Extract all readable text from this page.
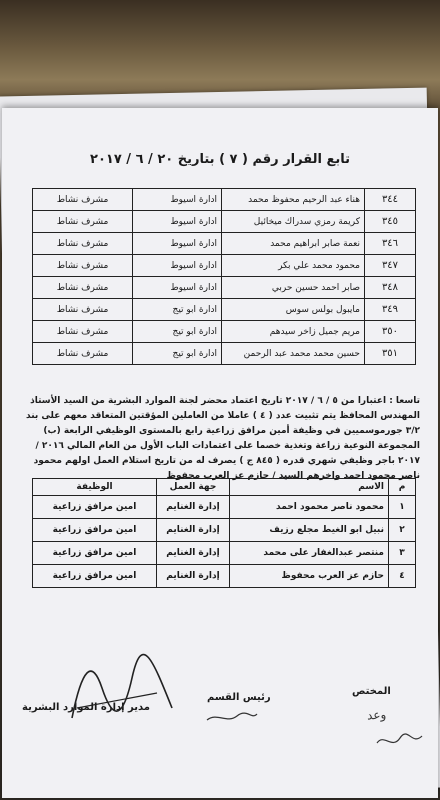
تابع القرار رقم ( ٧ ) بتاريخ ٢٠ / ٦ / ٢٠١٧
٣٤٤	هناء عبد الرحيم محفوظ محمد	ادارة اسيوط	مشرف نشاط
٣٤٥	كريمة رمزي سدراك ميخائيل	ادارة اسيوط	مشرف نشاط
٣٤٦	نعمة صابر ابراهيم محمد	ادارة اسيوط	مشرف نشاط
٣٤٧	محمود محمد علي بكر	ادارة اسيوط	مشرف نشاط
٣٤٨	صابر احمد حسين حربي	ادارة اسيوط	مشرف نشاط
٣٤٩	مايبول بولس سوس	ادارة ابو تيج	مشرف نشاط
٣٥٠	مريم جميل زاخر سيدهم	ادارة ابو تيج	مشرف نشاط
٣٥١	حسين محمد محمد عبد الرحمن	ادارة ابو تيج	مشرف نشاط
تاسعا : اعتبارا من ٥ / ٦ / ٢٠١٧ تاريخ اعتماد محضر لجنة الموارد البشرية من السيد الأستاذ المهندس المحافظ يتم تثبيت عدد ( ٤ ) عاملا من العاملين المؤقتين المتعاقد معهم على بند ٣/٢ جورموسميين في وظيفة أمين مرافق زراعية رابع بالمستوى الوظيفي الرابعة (ب) المجموعة النوعية زراعة وتغذية خصما على اعتمادات الباب الأول من العام المالي ٢٠١٦ / ٢٠١٧ باجر وظيفي شهري قدره ( ٨٤٥ ج ) يصرف له من تاريخ استلام العمل اولهم محمود ناصر محمود احمد واخرهم السيد / حازم عز العرب محفوظ
م	الاسم	جهة العمل	الوظيفة
١	محمود ناصر محمود احمد	إدارة الغنايم	امين مرافق زراعية
٢	نبيل ابو الغيط مجلع رزيف	إدارة الغنايم	امين مرافق زراعية
٣	منتصر عبدالغفار على محمد	إدارة الغنايم	امين مرافق زراعية
٤	حازم عز العرب محفوظ	إدارة الغنايم	امين مرافق زراعية
المختص
رئيس القسم
مدير إدارة الموارد البشرية
وعد
